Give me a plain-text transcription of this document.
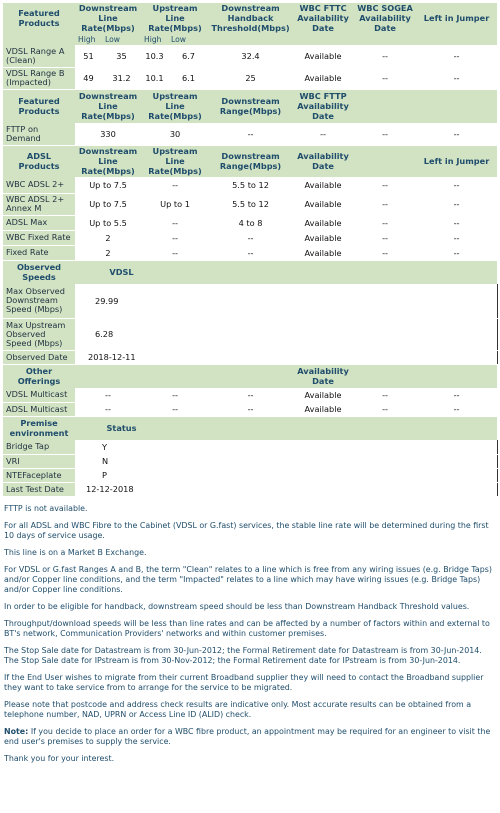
Featured Products	Downstream Line Rate(Mbps)		Upstream Line Rate(Mbps)		Downstream Handback Threshold(Mbps)	WBC FTTC Availability Date	WBC SOGEA Availability Date	Left in Jumper
	High	Low	High	Low				
VDSL Range A (Clean)	51	35	10.3	6.7	32.4	Available	--	--
VDSL Range B (Impacted)	49	31.2	10.1	6.1	25	Available	--	--
Featured Products	Downstream Line Rate(Mbps)		Upstream Line Rate(Mbps)		Downstream Range(Mbps)	WBC FTTP Availability Date		
FTTP on Demand	330		30		--	--	--	--
ADSL Products	Downstream Line Rate(Mbps)		Upstream Line Rate(Mbps)		Downstream Range(Mbps)	Availability Date		Left in Jumper
WBC ADSL 2+	Up to 7.5		--		5.5 to 12	Available	--	--
WBC ADSL 2+ Annex M	Up to 7.5		Up to 1		5.5 to 12	Available	--	--
ADSL Max	Up to 5.5		--		4 to 8	Available	--	--
WBC Fixed Rate	2		--		--	Available	--	--
Fixed Rate	2		--		--	Available	--	--
Observed Speeds	VDSL							
Max Observed Downstream Speed (Mbps)	29.99							
Max Upstream Observed Speed (Mbps)	6.28							
Observed Date	2018-12-11							
Other Offerings						Availability Date		
VDSL Multicast	--		--		--	Available	--	--
ADSL Multicast	--		--		--	Available	--	--
Premise environment	Status							
Bridge Tap	Y							
VRI	N							
NTEFaceplate	P							
Last Test Date	12-12-2018							

FTTP is not available.

For all ADSL and WBC Fibre to the Cabinet (VDSL or G.fast) services, the stable line rate will be determined during the first 10 days of service usage.

This line is on a Market B Exchange.

For VDSL or G.fast Ranges A and B, the term "Clean" relates to a line which is free from any wiring issues (e.g. Bridge Taps) and/or Copper line conditions, and the term "Impacted" relates to a line which may have wiring issues (e.g. Bridge Taps) and/or Copper line conditions.

In order to be eligible for handback, downstream speed should be less than Downstream Handback Threshold values.

Throughput/download speeds will be less than line rates and can be affected by a number of factors within and external to BT's network, Communication Providers' networks and within customer premises.

The Stop Sale date for Datastream is from 30-Jun-2012; the Formal Retirement date for Datastream is from 30-Jun-2014. The Stop Sale date for IPstream is from 30-Nov-2012; the Formal Retirement date for IPstream is from 30-Jun-2014.

If the End User wishes to migrate from their current Broadband supplier they will need to contact the Broadband supplier they want to take service from to arrange for the service to be migrated.

Please note that postcode and address check results are indicative only. Most accurate results can be obtained from a telephone number, NAD, UPRN or Access Line ID (ALID) check.

Note: If you decide to place an order for a WBC fibre product, an appointment may be required for an engineer to visit the end user's premises to supply the service.

Thank you for your interest.
